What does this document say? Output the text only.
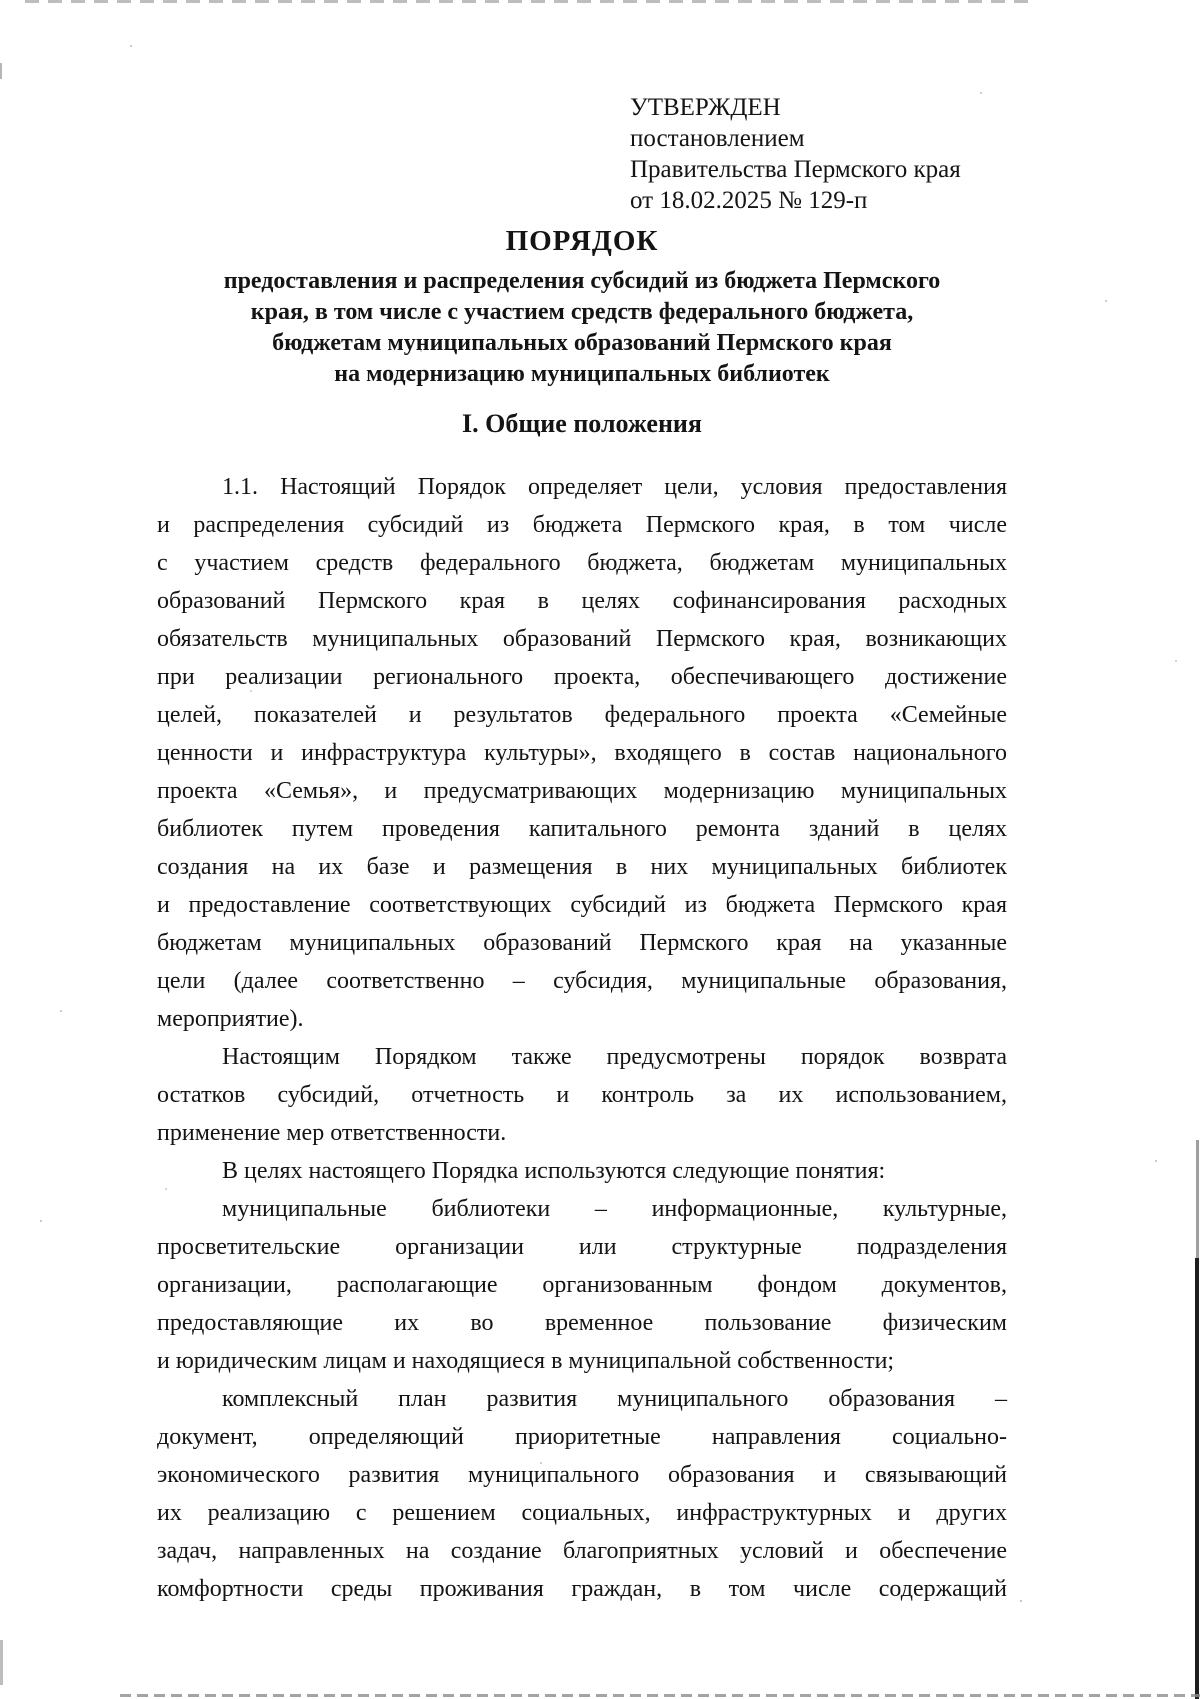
УТВЕРЖДЕН
постановлением
Правительства Пермского края
от 18.02.2025 № 129-п
ПОРЯДОК
предоставления и распределения субсидий из бюджета Пермского
края, в том числе с участием средств федерального бюджета,
бюджетам муниципальных образований Пермского края
на модернизацию муниципальных библиотек
I. Общие положения
1.1. Настоящий Порядок определяет цели, условия предоставления
и распределения субсидий из бюджета Пермского края, в том числе
с участием средств федерального бюджета, бюджетам муниципальных
образований Пермского края в целях софинансирования расходных
обязательств муниципальных образований Пермского края, возникающих
при реализации регионального проекта, обеспечивающего достижение
целей, показателей и результатов федерального проекта «Семейные
ценности и инфраструктура культуры», входящего в состав национального
проекта «Семья», и предусматривающих модернизацию муниципальных
библиотек путем проведения капитального ремонта зданий в целях
создания на их базе и размещения в них муниципальных библиотек
и предоставление соответствующих субсидий из бюджета Пермского края
бюджетам муниципальных образований Пермского края на указанные
цели (далее соответственно – субсидия, муниципальные образования,
мероприятие).
Настоящим Порядком также предусмотрены порядок возврата
остатков субсидий, отчетность и контроль за их использованием,
применение мер ответственности.
В целях настоящего Порядка используются следующие понятия:
муниципальные библиотеки – информационные, культурные,
просветительские организации или структурные подразделения
организации, располагающие организованным фондом документов,
предоставляющие их во временное пользование физическим
и юридическим лицам и находящиеся в муниципальной собственности;
комплексный план развития муниципального образования –
документ, определяющий приоритетные направления социально-
экономического развития муниципального образования и связывающий
их реализацию с решением социальных, инфраструктурных и других
задач, направленных на создание благоприятных условий и обеспечение
комфортности среды проживания граждан, в том числе содержащий
